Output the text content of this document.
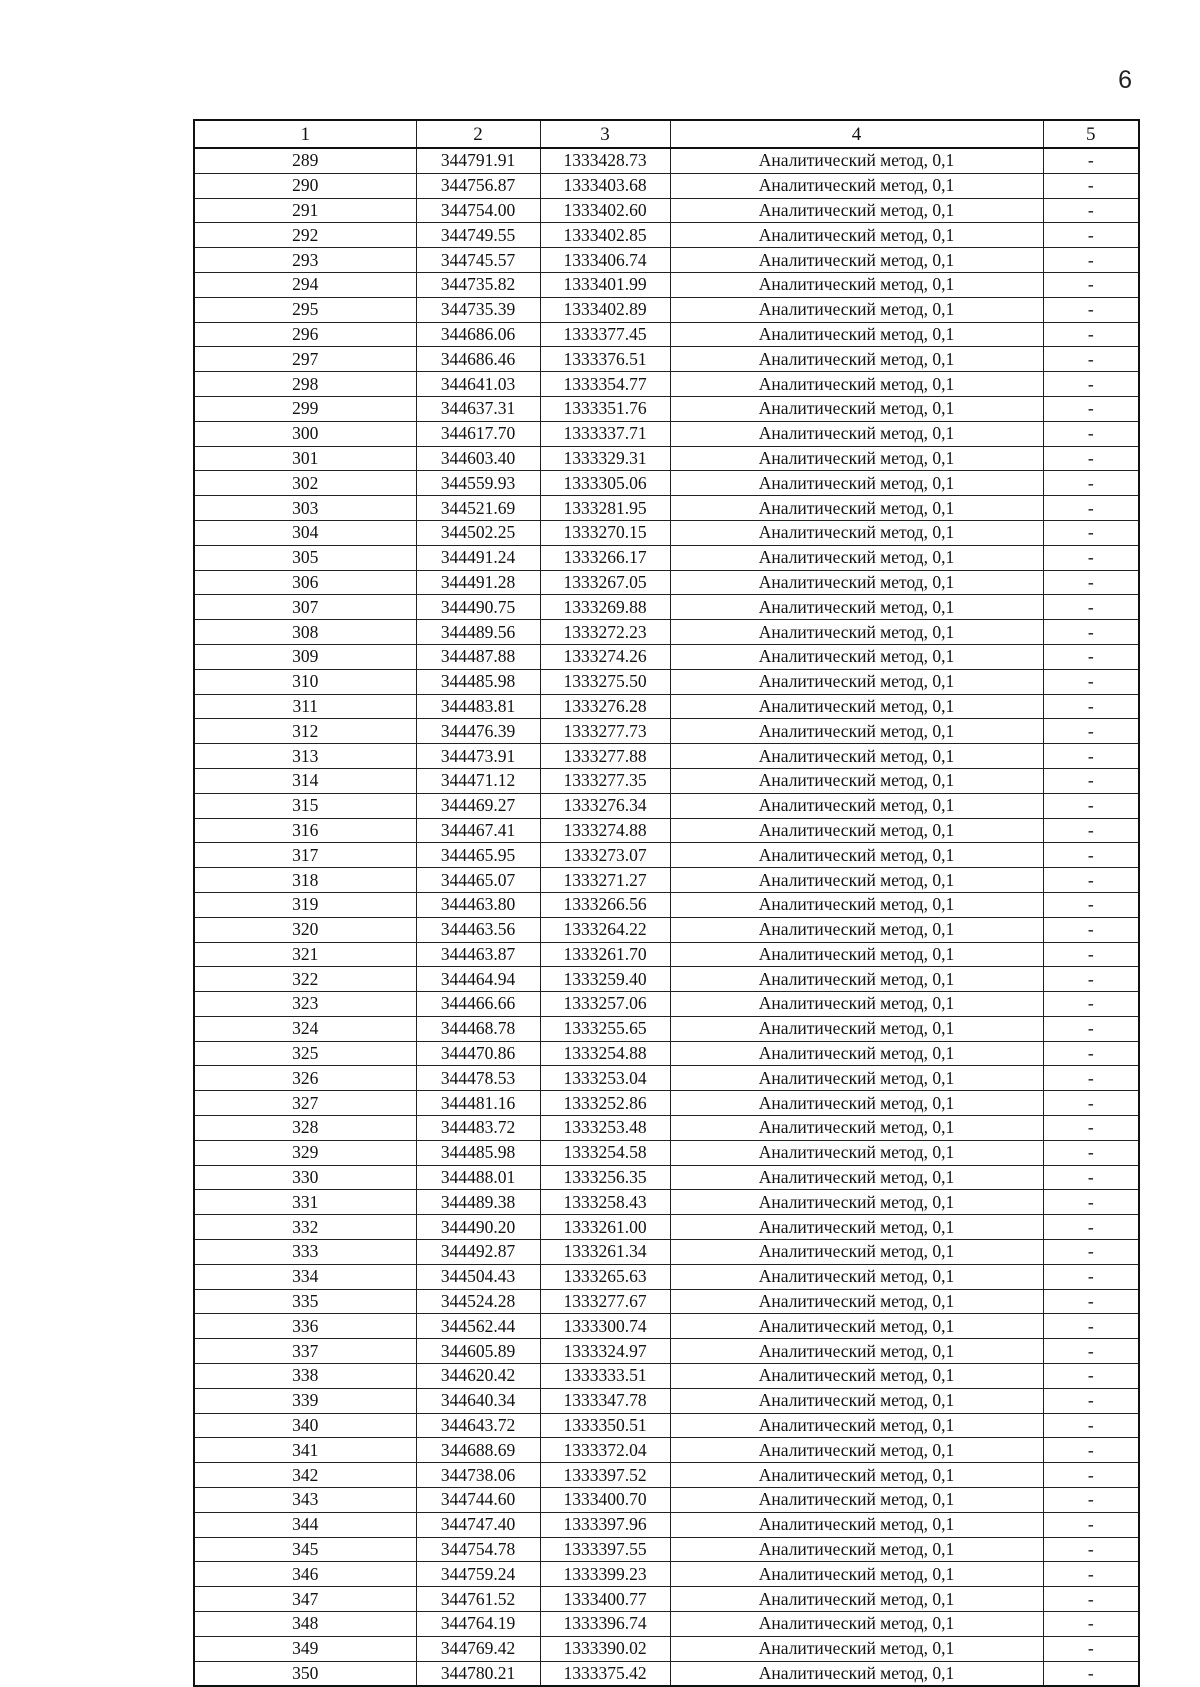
6
1	2	3	4	5
289	344791.91	1333428.73	Аналитический метод, 0,1	-
290	344756.87	1333403.68	Аналитический метод, 0,1	-
291	344754.00	1333402.60	Аналитический метод, 0,1	-
292	344749.55	1333402.85	Аналитический метод, 0,1	-
293	344745.57	1333406.74	Аналитический метод, 0,1	-
294	344735.82	1333401.99	Аналитический метод, 0,1	-
295	344735.39	1333402.89	Аналитический метод, 0,1	-
296	344686.06	1333377.45	Аналитический метод, 0,1	-
297	344686.46	1333376.51	Аналитический метод, 0,1	-
298	344641.03	1333354.77	Аналитический метод, 0,1	-
299	344637.31	1333351.76	Аналитический метод, 0,1	-
300	344617.70	1333337.71	Аналитический метод, 0,1	-
301	344603.40	1333329.31	Аналитический метод, 0,1	-
302	344559.93	1333305.06	Аналитический метод, 0,1	-
303	344521.69	1333281.95	Аналитический метод, 0,1	-
304	344502.25	1333270.15	Аналитический метод, 0,1	-
305	344491.24	1333266.17	Аналитический метод, 0,1	-
306	344491.28	1333267.05	Аналитический метод, 0,1	-
307	344490.75	1333269.88	Аналитический метод, 0,1	-
308	344489.56	1333272.23	Аналитический метод, 0,1	-
309	344487.88	1333274.26	Аналитический метод, 0,1	-
310	344485.98	1333275.50	Аналитический метод, 0,1	-
311	344483.81	1333276.28	Аналитический метод, 0,1	-
312	344476.39	1333277.73	Аналитический метод, 0,1	-
313	344473.91	1333277.88	Аналитический метод, 0,1	-
314	344471.12	1333277.35	Аналитический метод, 0,1	-
315	344469.27	1333276.34	Аналитический метод, 0,1	-
316	344467.41	1333274.88	Аналитический метод, 0,1	-
317	344465.95	1333273.07	Аналитический метод, 0,1	-
318	344465.07	1333271.27	Аналитический метод, 0,1	-
319	344463.80	1333266.56	Аналитический метод, 0,1	-
320	344463.56	1333264.22	Аналитический метод, 0,1	-
321	344463.87	1333261.70	Аналитический метод, 0,1	-
322	344464.94	1333259.40	Аналитический метод, 0,1	-
323	344466.66	1333257.06	Аналитический метод, 0,1	-
324	344468.78	1333255.65	Аналитический метод, 0,1	-
325	344470.86	1333254.88	Аналитический метод, 0,1	-
326	344478.53	1333253.04	Аналитический метод, 0,1	-
327	344481.16	1333252.86	Аналитический метод, 0,1	-
328	344483.72	1333253.48	Аналитический метод, 0,1	-
329	344485.98	1333254.58	Аналитический метод, 0,1	-
330	344488.01	1333256.35	Аналитический метод, 0,1	-
331	344489.38	1333258.43	Аналитический метод, 0,1	-
332	344490.20	1333261.00	Аналитический метод, 0,1	-
333	344492.87	1333261.34	Аналитический метод, 0,1	-
334	344504.43	1333265.63	Аналитический метод, 0,1	-
335	344524.28	1333277.67	Аналитический метод, 0,1	-
336	344562.44	1333300.74	Аналитический метод, 0,1	-
337	344605.89	1333324.97	Аналитический метод, 0,1	-
338	344620.42	1333333.51	Аналитический метод, 0,1	-
339	344640.34	1333347.78	Аналитический метод, 0,1	-
340	344643.72	1333350.51	Аналитический метод, 0,1	-
341	344688.69	1333372.04	Аналитический метод, 0,1	-
342	344738.06	1333397.52	Аналитический метод, 0,1	-
343	344744.60	1333400.70	Аналитический метод, 0,1	-
344	344747.40	1333397.96	Аналитический метод, 0,1	-
345	344754.78	1333397.55	Аналитический метод, 0,1	-
346	344759.24	1333399.23	Аналитический метод, 0,1	-
347	344761.52	1333400.77	Аналитический метод, 0,1	-
348	344764.19	1333396.74	Аналитический метод, 0,1	-
349	344769.42	1333390.02	Аналитический метод, 0,1	-
350	344780.21	1333375.42	Аналитический метод, 0,1	-
